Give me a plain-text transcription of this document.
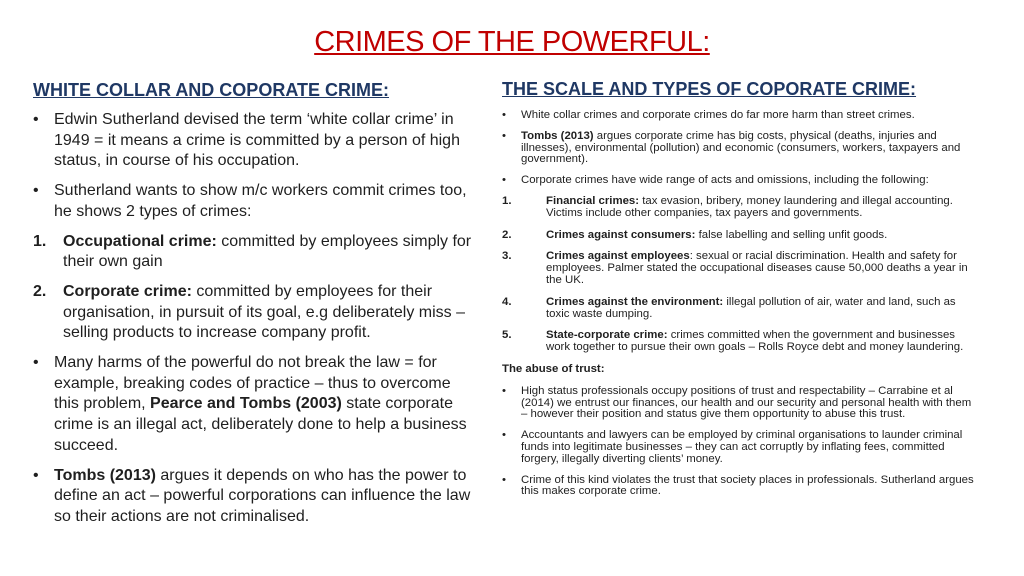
CRIMES OF THE POWERFUL:
WHITE COLLAR AND COPORATE CRIME:
• Edwin Sutherland devised the term ‘white collar crime’ in 1949 = it means a crime is committed by a person of high status, in course of his occupation.
• Sutherland wants to show m/c workers commit crimes too, he shows 2 types of crimes:
1. Occupational crime: committed by employees simply for their own gain
2. Corporate crime: committed by employees for their organisation, in pursuit of its goal, e.g deliberately miss – selling products to increase company profit.
• Many harms of the powerful do not break the law = for example, breaking codes of practice – thus to overcome this problem, Pearce and Tombs (2003) state corporate crime is an illegal act, deliberately done to help a business succeed.
• Tombs (2013) argues it depends on who has the power to define an act – powerful corporations can influence the law so their actions are not criminalised.
THE SCALE AND TYPES OF COPORATE CRIME:
• White collar crimes and corporate crimes do far more harm than street crimes.
• Tombs (2013) argues corporate crime has big costs, physical (deaths, injuries and illnesses), environmental (pollution) and economic (consumers, workers, taxpayers and government).
• Corporate crimes have wide range of acts and omissions, including the following:
1.	Financial crimes: tax evasion, bribery, money laundering and illegal accounting. Victims include other companies, tax payers and governments.
2.	Crimes against consumers: false labelling and selling unfit goods.
3.	Crimes against employees: sexual or racial discrimination. Health and safety for employees. Palmer stated the occupational diseases cause 50,000 deaths a year in the UK.
4.	Crimes against the environment: illegal pollution of air, water and land, such as toxic waste dumping.
5.	State-corporate crime: crimes committed when the government and businesses work together to pursue their own goals – Rolls Royce debt and money laundering.
The abuse of trust:
• High status professionals occupy positions of trust and respectability – Carrabine et al (2014) we entrust our finances, our health and our security and personal health with them – however their position and status give them opportunity to abuse this trust.
• Accountants and lawyers can be employed by criminal organisations to launder criminal funds into legitimate businesses – they can act corruptly by inflating fees, committed forgery, illegally diverting clients’ money.
• Crime of this kind violates the trust that society places in professionals. Sutherland argues this makes corporate crime.
